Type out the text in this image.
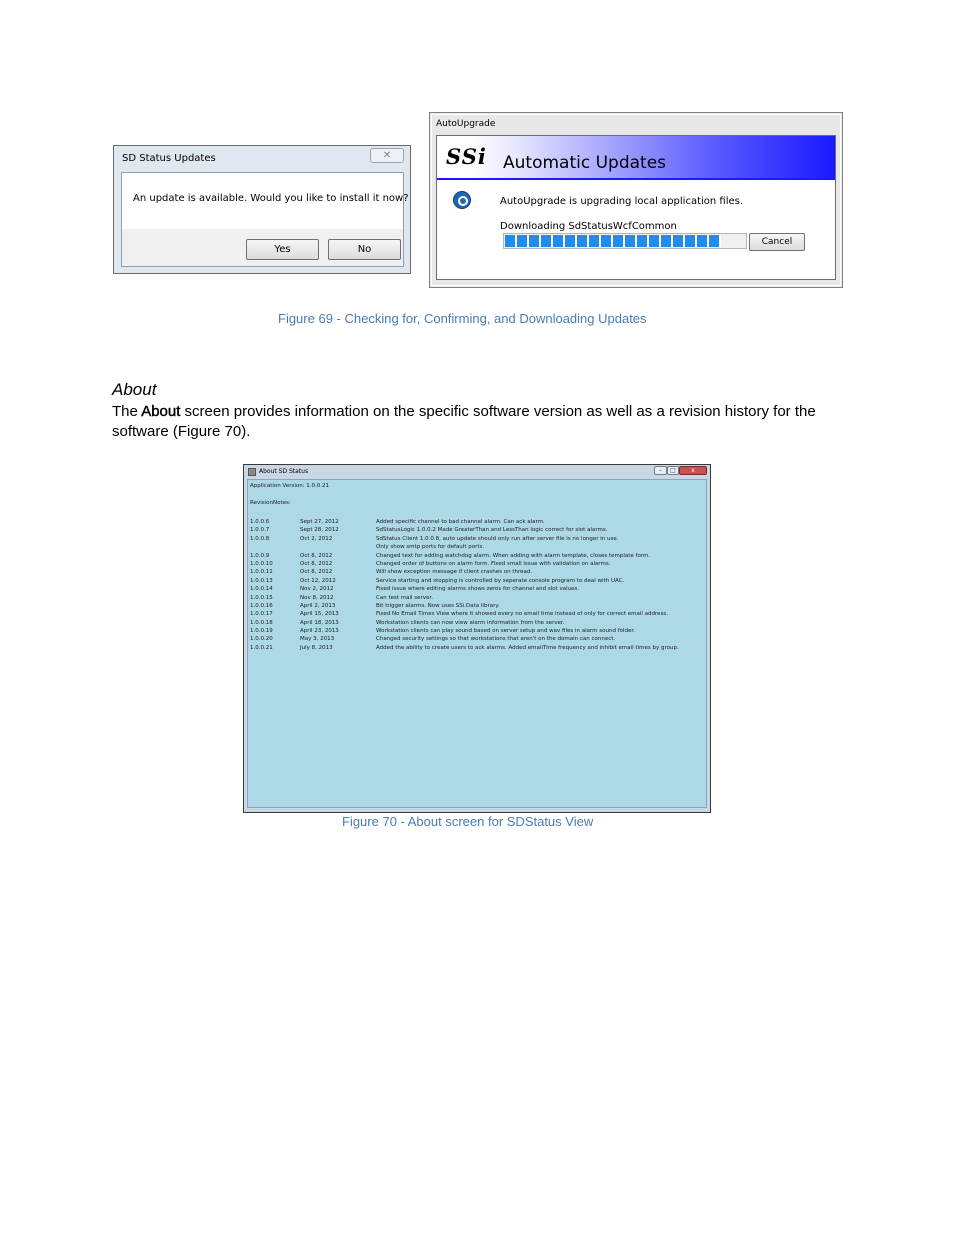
SD Status Updates	✕
An update is available. Would you like to install it now?
Yes	No
AutoUpgrade
SSi Automatic Updates
AutoUpgrade is upgrading local application files.
Downloading SdStatusWcfCommon
Cancel
Figure 69 - Checking for, Confirming, and Downloading Updates
About
The About screen provides information on the specific software version as well as a revision history for the software (Figure 70).
About SD Status	–	□	x
Application Version: 1.0.0.21
RevisionNotes:
1.0.0.6	Sept 27, 2012	Added specific channel to bad channel alarm. Can ack alarm.
1.0.0.7	Sept 28, 2012	SdStatusLogic 1.0.0.2 Made GreaterThan and LessThan logic correct for slot alarms.
1.0.0.8	Oct 2, 2012	SdStatus Client 1.0.0.8, auto update should only run after server file is no longer in use.
Only show smtp ports for default ports.
1.0.0.9	Oct 8, 2012	Changed text for adding watchdog alarm. When adding with alarm template, closes template form.
1.0.0.10	Oct 8, 2012	Changed order of buttons on alarm form. Fixed small issue with validation on alarms.
1.0.0.11	Oct 8, 2012	Will show exception message if client crashes on thread.
1.0.0.13	Oct 12, 2012	Service starting and stopping is controlled by seperate console program to deal with UAC.
1.0.0.14	Nov 2, 2012	Fixed issue where editing alarms shows zeros for channel and slot values.
1.0.0.15	Nov 8, 2012	Can test mail server.
1.0.0.16	April 2, 2013	Bit trigger alarms. Now uses SSi.Data library.
1.0.0.17	April 15, 2013	Fixed No Email Times View where it showed every no email time instead of only for correct email address.
1.0.0.18	April 18, 2013	Workstation clients can now view alarm information from the server.
1.0.0.19	April 23, 2013	Workstation clients can play sound based on server setup and wav files in alarm sound folder.
1.0.0.20	May 3, 2013	Changed security settings so that workstations that aren't on the domain can connect.
1.0.0.21	July 8, 2013	Added the ability to create users to ack alarms. Added emailTime frequency and inhibit email times by group.
Figure 70 - About screen for SDStatus View
